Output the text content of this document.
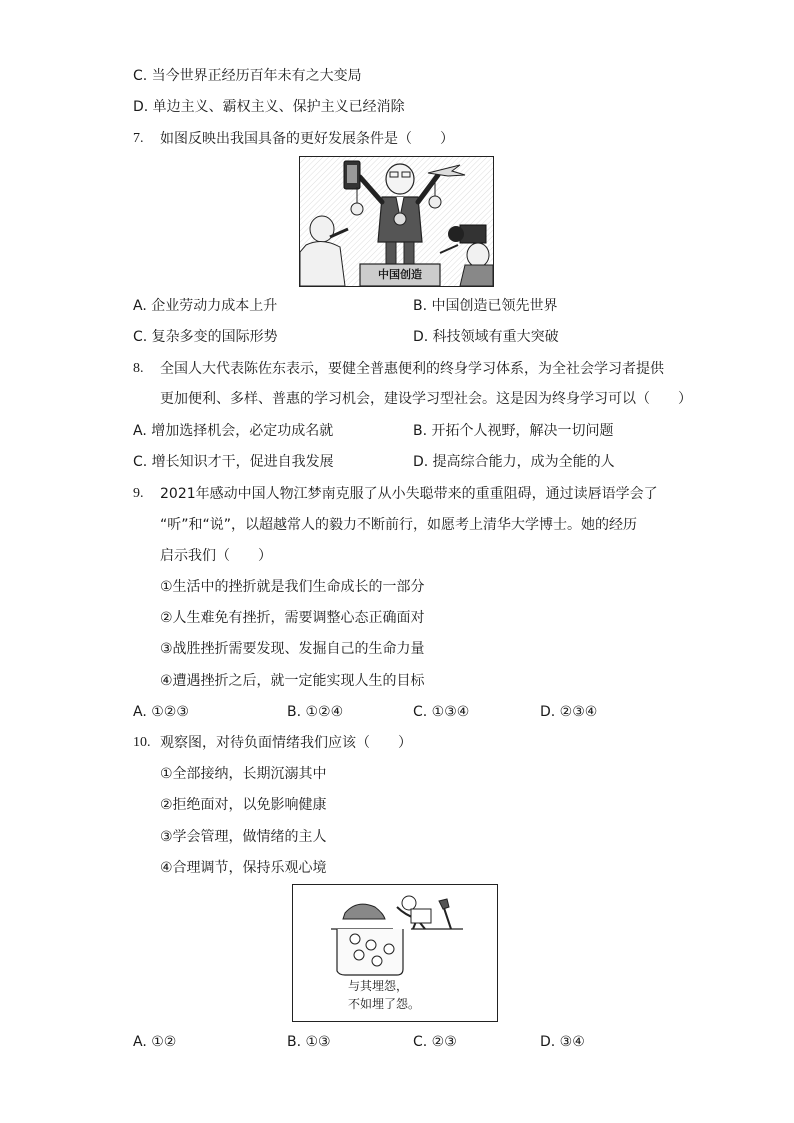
C. 当今世界正经历百年未有之大变局
D. 单边主义、霸权主义、保护主义已经消除
7. 如图反映出我国具备的更好发展条件是（　　）
中国创造
A. 企业劳动力成本上升	B. 中国创造已领先世界
C. 复杂多变的国际形势	D. 科技领域有重大突破
8. 全国人大代表陈佐东表示，要健全普惠便利的终身学习体系，为全社会学习者提供
更加便利、多样、普惠的学习机会，建设学习型社会。这是因为终身学习可以（　　）
A. 增加选择机会，必定功成名就	B. 开拓个人视野，解决一切问题
C. 增长知识才干，促进自我发展	D. 提高综合能力，成为全能的人
9. 2021年感动中国人物江梦南克服了从小失聪带来的重重阻碍，通过读唇语学会了
“听”和“说”，以超越常人的毅力不断前行，如愿考上清华大学博士。她的经历
启示我们（　　）
①生活中的挫折就是我们生命成长的一部分
②人生难免有挫折，需要调整心态正确面对
③战胜挫折需要发现、发掘自己的生命力量
④遭遇挫折之后，就一定能实现人生的目标
A. ①②③	B. ①②④	C. ①③④	D. ②③④
10. 观察图，对待负面情绪我们应该（　　）
①全部接纳，长期沉溺其中
②拒绝面对，以免影响健康
③学会管理，做情绪的主人
④合理调节，保持乐观心境
与其埋怨，
不如埋了怨。
A. ①②	B. ①③	C. ②③	D. ③④
